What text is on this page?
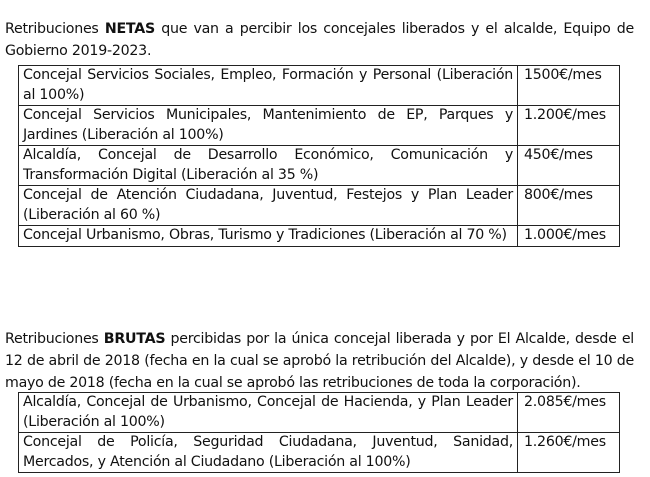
Retribuciones NETAS que van a percibir los concejales liberados y el alcalde, Equipo de Gobierno 2019-2023.

Concejal Servicios Sociales, Empleo, Formación y Personal (Liberación al 100%)	1500€/mes
Concejal Servicios Municipales, Mantenimiento de EP, Parques y Jardines (Liberación al 100%)	1.200€/mes
Alcaldía, Concejal de Desarrollo Económico, Comunicación y Transformación Digital (Liberación al 35 %)	450€/mes
Concejal de Atención Ciudadana, Juventud, Festejos y Plan Leader (Liberación al 60 %)	800€/mes
Concejal Urbanismo, Obras, Turismo y Tradiciones (Liberación al 70 %)	1.000€/mes

Retribuciones BRUTAS percibidas por la única concejal liberada y por El Alcalde, desde el 12 de abril de 2018 (fecha en la cual se aprobó la retribución del Alcalde), y desde el 10 de mayo de 2018 (fecha en la cual se aprobó las retribuciones de toda la corporación).

Alcaldía, Concejal de Urbanismo, Concejal de Hacienda, y Plan Leader (Liberación al 100%)	2.085€/mes
Concejal de Policía, Seguridad Ciudadana, Juventud, Sanidad, Mercados, y Atención al Ciudadano (Liberación al 100%)	1.260€/mes
